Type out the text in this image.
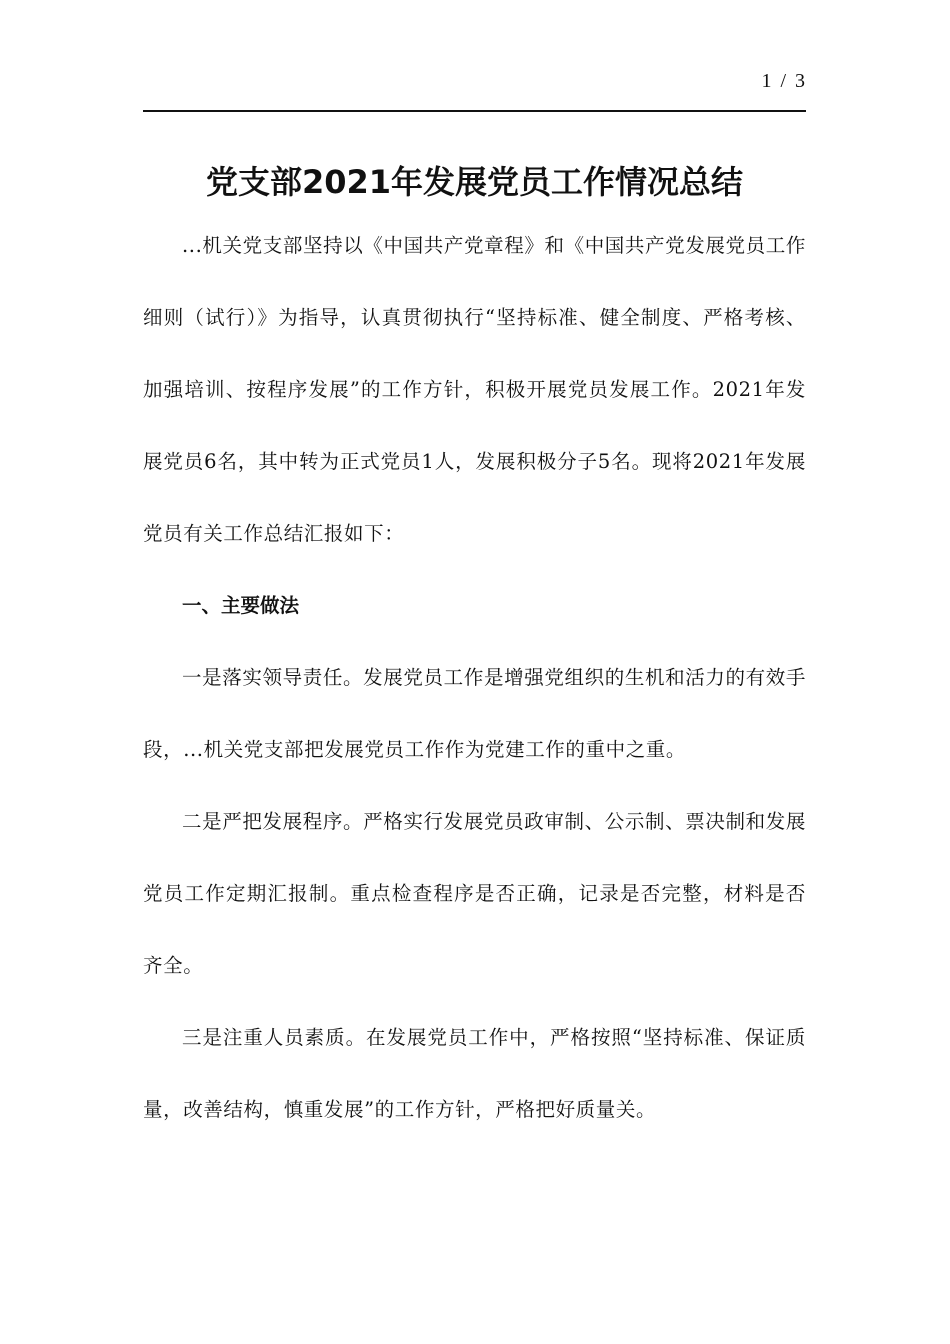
1 / 3
党支部2021年发展党员工作情况总结

...机关党支部坚持以《中国共产党章程》和《中国共产党发展党员工作细则（试行）》为指导，认真贯彻执行“坚持标准、健全制度、严格考核、加强培训、按程序发展”的工作方针，积极开展党员发展工作。2021年发展党员6名，其中转为正式党员1人，发展积极分子5名。现将2021年发展党员有关工作总结汇报如下：

一、主要做法

一是落实领导责任。发展党员工作是增强党组织的生机和活力的有效手段，...机关党支部把发展党员工作作为党建工作的重中之重。

二是严把发展程序。严格实行发展党员政审制、公示制、票决制和发展党员工作定期汇报制。重点检查程序是否正确，记录是否完整，材料是否齐全。

三是注重人员素质。在发展党员工作中，严格按照“坚持标准、保证质量，改善结构，慎重发展”的工作方针，严格把好质量关。
